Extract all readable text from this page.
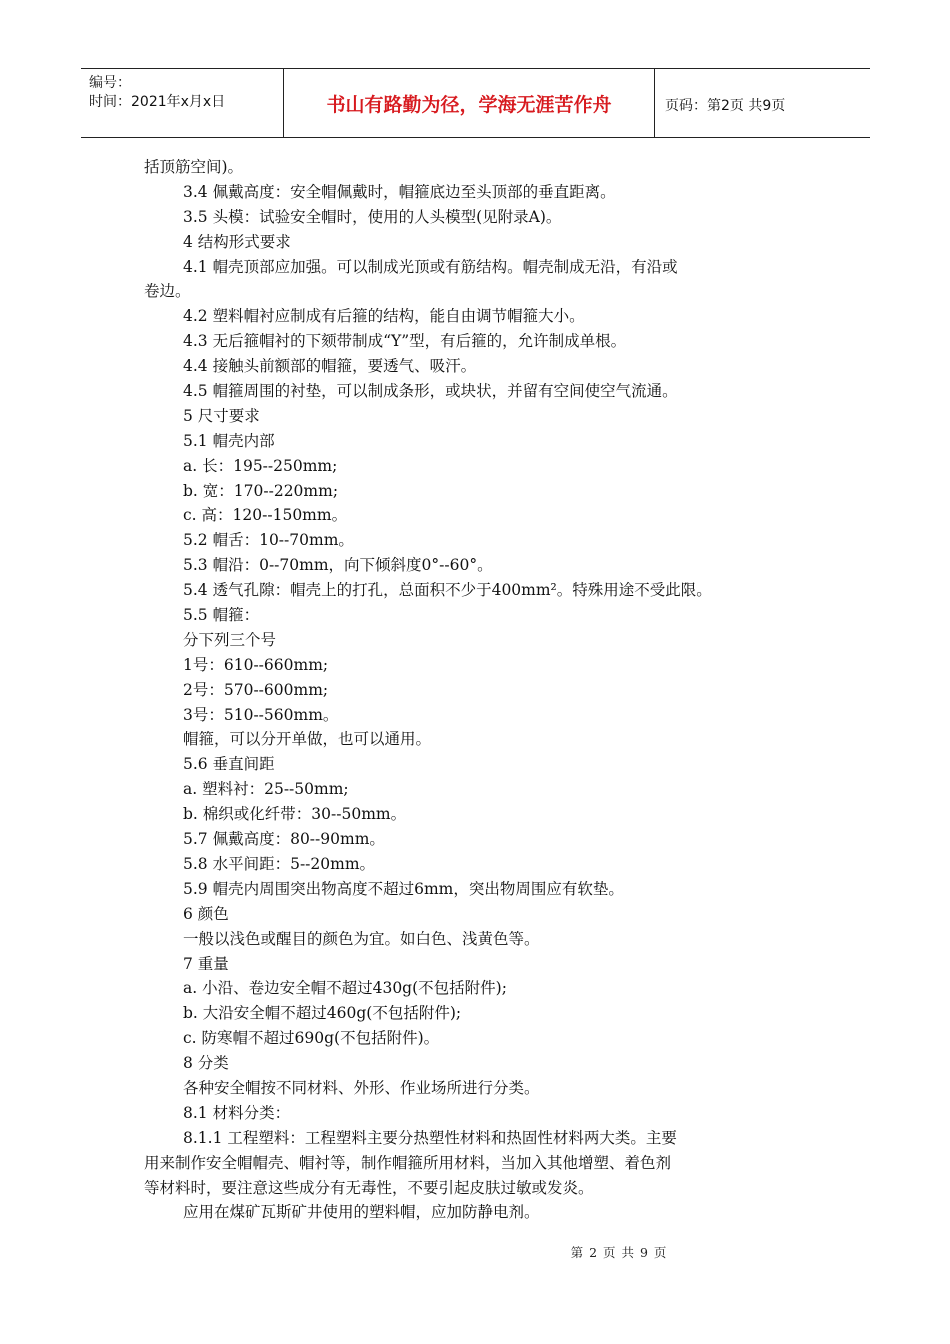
编号：
时间：2021年x月x日	书山有路勤为径，学海无涯苦作舟	页码：第2页 共9页
括顶筋空间)。
3.4 佩戴高度：安全帽佩戴时，帽箍底边至头顶部的垂直距离。
3.5 头模：试验安全帽时，使用的人头模型(见附录A)。
4 结构形式要求
4.1 帽壳顶部应加强。可以制成光顶或有筋结构。帽壳制成无沿，有沿或
卷边。
4.2 塑料帽衬应制成有后箍的结构，能自由调节帽箍大小。
4.3 无后箍帽衬的下颏带制成“Y”型，有后箍的，允许制成单根。
4.4 接触头前额部的帽箍，要透气、吸汗。
4.5 帽箍周围的衬垫，可以制成条形，或块状，并留有空间使空气流通。
5 尺寸要求
5.1 帽壳内部
a. 长：195--250mm;
b. 宽：170--220mm;
c. 高：120--150mm。
5.2 帽舌：10--70mm。
5.3 帽沿：0--70mm，向下倾斜度0°--60°。
5.4 透气孔隙：帽壳上的打孔，总面积不少于400mm²。特殊用途不受此限。
5.5 帽箍：
分下列三个号
1号：610--660mm;
2号：570--600mm;
3号：510--560mm。
帽箍，可以分开单做，也可以通用。
5.6 垂直间距
a. 塑料衬：25--50mm;
b. 棉织或化纤带：30--50mm。
5.7 佩戴高度：80--90mm。
5.8 水平间距：5--20mm。
5.9 帽壳内周围突出物高度不超过6mm，突出物周围应有软垫。
6 颜色
一般以浅色或醒目的颜色为宜。如白色、浅黄色等。
7 重量
a. 小沿、卷边安全帽不超过430g(不包括附件);
b. 大沿安全帽不超过460g(不包括附件);
c. 防寒帽不超过690g(不包括附件)。
8 分类
各种安全帽按不同材料、外形、作业场所进行分类。
8.1 材料分类：
8.1.1 工程塑料：工程塑料主要分热塑性材料和热固性材料两大类。主要
用来制作安全帽帽壳、帽衬等，制作帽箍所用材料，当加入其他增塑、着色剂
等材料时，要注意这些成分有无毒性，不要引起皮肤过敏或发炎。
应用在煤矿瓦斯矿井使用的塑料帽，应加防静电剂。
第 2 页 共 9 页
